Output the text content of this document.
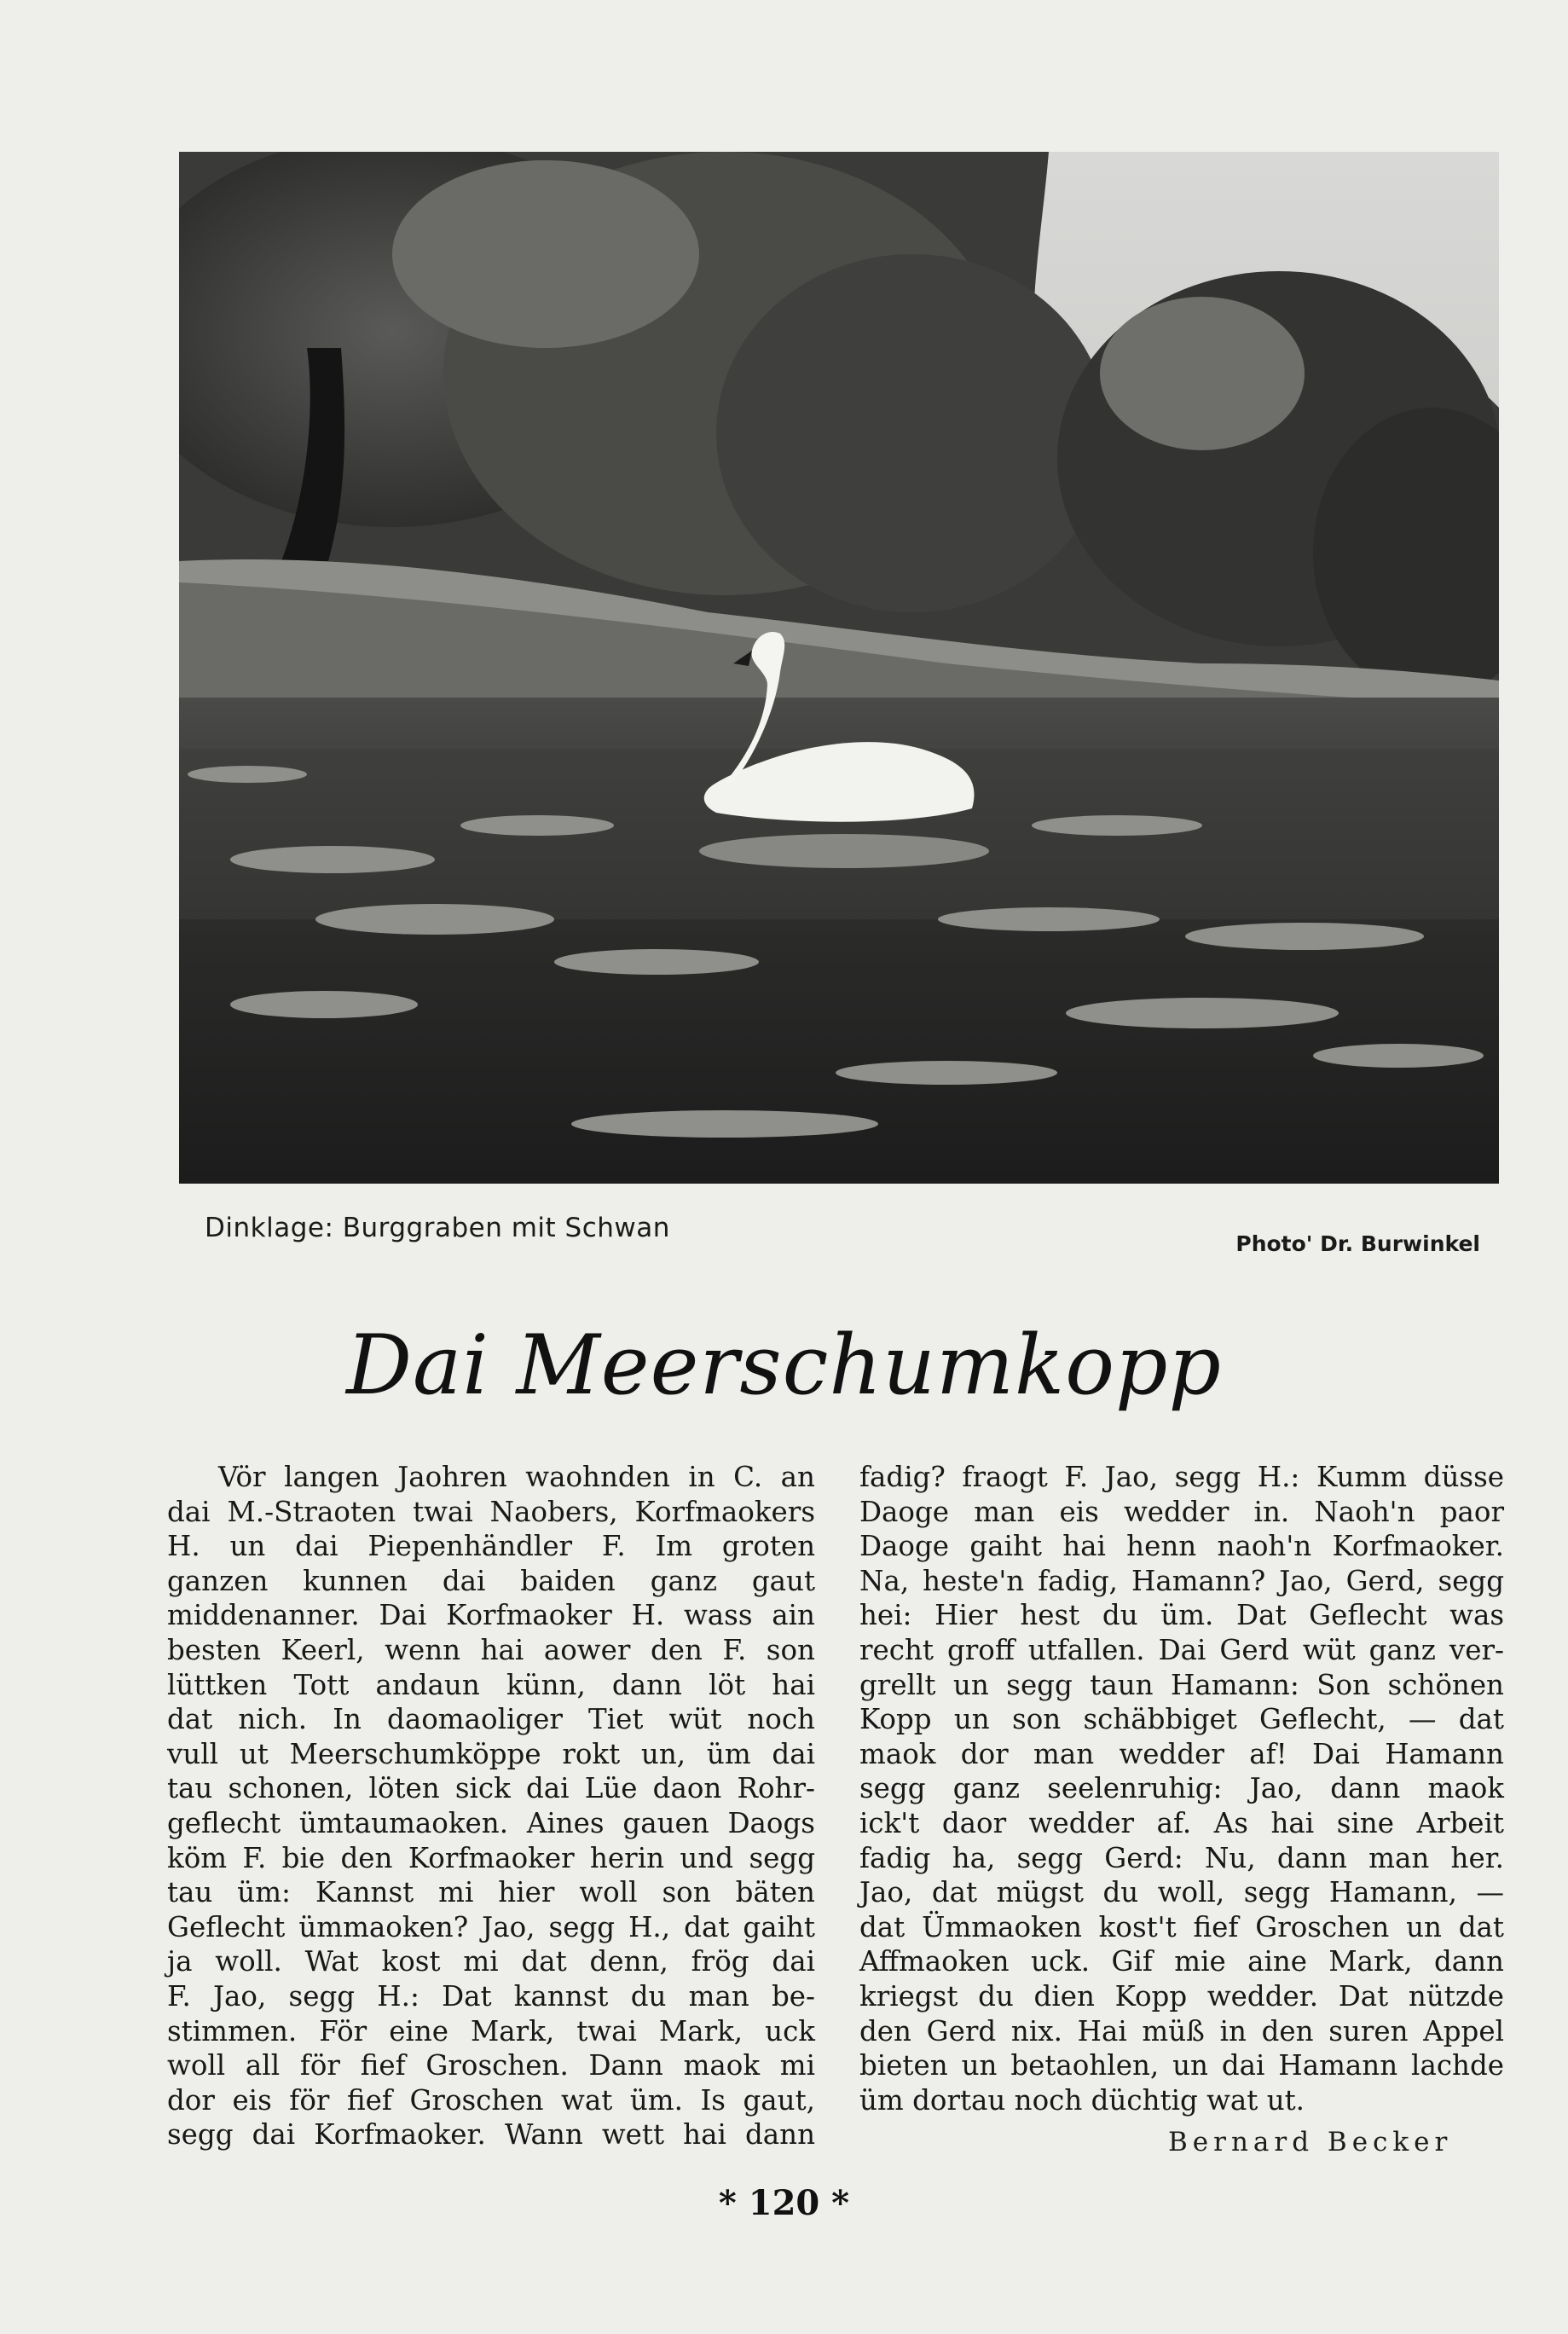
Dinklage: Burggraben mit Schwan
Photo' Dr. Burwinkel
Dai Meerschumkopp
Vör langen Jaohren waohnden in C. an
dai M.-Straoten twai Naobers, Korfmaokers
H. un dai Piepenhändler F. Im groten
ganzen kunnen dai baiden ganz gaut
middenanner. Dai Korfmaoker H. wass ain
besten Keerl, wenn hai aower den F. son
lüttken Tott andaun künn, dann löt hai
dat nich. In daomaoliger Tiet wüt noch
vull ut Meerschumköppe rokt un, üm dai
tau schonen, löten sick dai Lüe daon Rohr-
geflecht ümtaumaoken. Aines gauen Daogs
köm F. bie den Korfmaoker herin und segg
tau üm: Kannst mi hier woll son bäten
Geflecht ümmaoken? Jao, segg H., dat gaiht
ja woll. Wat kost mi dat denn, frög dai
F. Jao, segg H.: Dat kannst du man be-
stimmen. För eine Mark, twai Mark, uck
woll all för fief Groschen. Dann maok mi
dor eis för fief Groschen wat üm. Is gaut,
segg dai Korfmaoker. Wann wett hai dann
fadig? fraogt F. Jao, segg H.: Kumm düsse
Daoge man eis wedder in. Naoh'n paor
Daoge gaiht hai henn naoh'n Korfmaoker.
Na, heste'n fadig, Hamann? Jao, Gerd, segg
hei: Hier hest du üm. Dat Geflecht was
recht groff utfallen. Dai Gerd wüt ganz ver-
grellt un segg taun Hamann: Son schönen
Kopp un son schäbbiget Geflecht, — dat
maok dor man wedder af! Dai Hamann
segg ganz seelenruhig: Jao, dann maok
ick't daor wedder af. As hai sine Arbeit
fadig ha, segg Gerd: Nu, dann man her.
Jao, dat mügst du woll, segg Hamann, —
dat Ümmaoken kost't fief Groschen un dat
Affmaoken uck. Gif mie aine Mark, dann
kriegst du dien Kopp wedder. Dat nützde
den Gerd nix. Hai müß in den suren Appel
bieten un betaohlen, un dai Hamann lachde
üm dortau noch düchtig wat ut.
Bernard Becker
* 120 *
